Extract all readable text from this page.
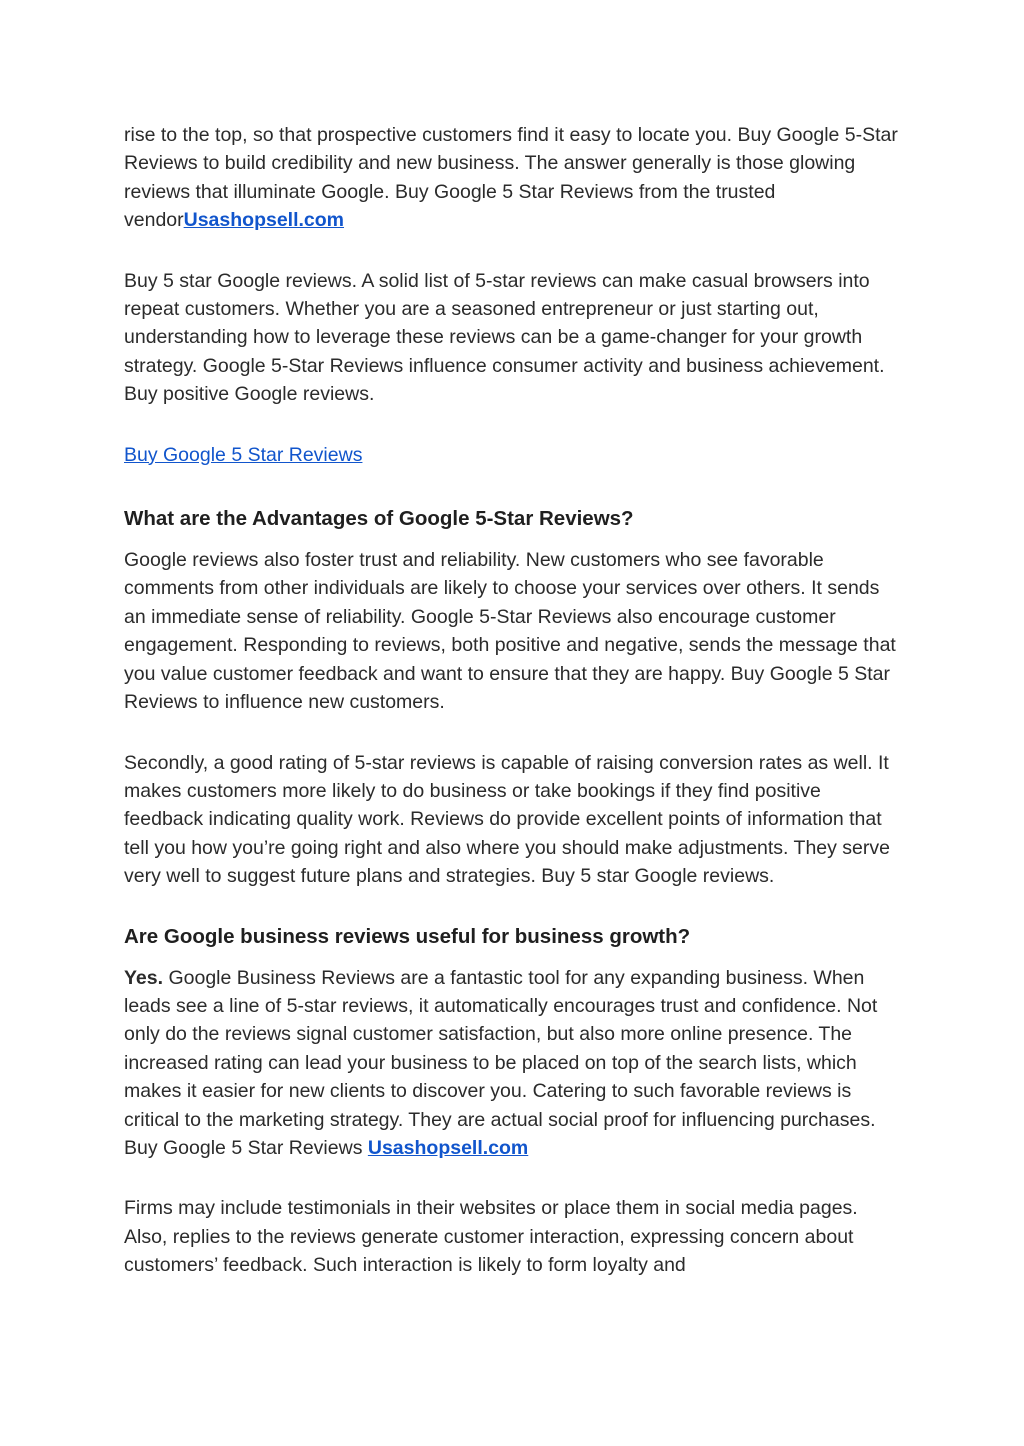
rise to the top, so that prospective customers find it easy to locate you. Buy Google 5-Star Reviews to build credibility and new business. The answer generally is those glowing reviews that illuminate Google. Buy Google 5 Star Reviews from the trusted vendorUsashopsell.com

Buy 5 star Google reviews. A solid list of 5-star reviews can make casual browsers into repeat customers. Whether you are a seasoned entrepreneur or just starting out, understanding how to leverage these reviews can be a game-changer for your growth strategy. Google 5-Star Reviews influence consumer activity and business achievement. Buy positive Google reviews.

Buy Google 5 Star Reviews

What are the Advantages of Google 5-Star Reviews?

Google reviews also foster trust and reliability. New customers who see favorable comments from other individuals are likely to choose your services over others. It sends an immediate sense of reliability. Google 5-Star Reviews also encourage customer engagement. Responding to reviews, both positive and negative, sends the message that you value customer feedback and want to ensure that they are happy. Buy Google 5 Star Reviews to influence new customers.

Secondly, a good rating of 5-star reviews is capable of raising conversion rates as well. It makes customers more likely to do business or take bookings if they find positive feedback indicating quality work. Reviews do provide excellent points of information that tell you how you’re going right and also where you should make adjustments. They serve very well to suggest future plans and strategies. Buy 5 star Google reviews.

Are Google business reviews useful for business growth?

Yes. Google Business Reviews are a fantastic tool for any expanding business. When leads see a line of 5-star reviews, it automatically encourages trust and confidence. Not only do the reviews signal customer satisfaction, but also more online presence. The increased rating can lead your business to be placed on top of the search lists, which makes it easier for new clients to discover you. Catering to such favorable reviews is critical to the marketing strategy. They are actual social proof for influencing purchases. Buy Google 5 Star Reviews Usashopsell.com

Firms may include testimonials in their websites or place them in social media pages. Also, replies to the reviews generate customer interaction, expressing concern about customers’ feedback. Such interaction is likely to form loyalty and
